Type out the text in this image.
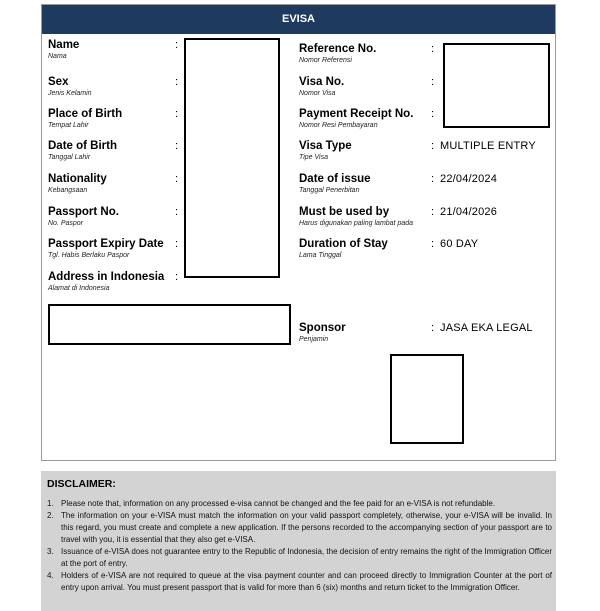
EVISA
Name
Nama
Sex
Jenis Kelamin
Place of Birth
Tempat Lahir
Date of Birth
Tanggal Lahir
Nationality
Kebangsaan
Passport No.
No. Paspor
Passport Expiry Date
Tgl. Habis Berlaku Paspor
Address in Indonesia
Alamat di Indonesia
:
:
:
:
:
:
:
:
Reference No.
Nomor Referensi
Visa No.
Nomor Visa
Payment Receipt No.
Nomor Resi Pembayaran
Visa Type
Tipe Visa
Date of issue
Tanggal Penerbitan
Must be used by
Harus digunakan paling lambat pada
Duration of Stay
Lama Tinggal
Sponsor
Penjamin
:
:
:
:
:
:
:
:
MULTIPLE ENTRY
22/04/2024
21/04/2026
60 DAY
JASA EKA LEGAL
DISCLAIMER:
1. Please note that, information on any processed e-visa cannot be changed and the fee paid for an e-VISA is not refundable.
2. The information on your e-VISA must match the information on your valid passport completely, otherwise, your e-VISA will be invalid. In this regard, you must create and complete a new application. If the persons recorded to the accompanying section of your passport are to travel with you, it is essential that they also get e-VISA.
3. Issuance of e-VISA does not guarantee entry to the Republic of Indonesia, the decision of entry remains the right of the Immigration Officer at the port of entry.
4. Holders of e-VISA are not required to queue at the visa payment counter and can proceed directly to Immigration Counter at the port of entry upon arrival. You must present passport that is valid for more than 6 (six) months and return ticket to the Immigration Officer.
